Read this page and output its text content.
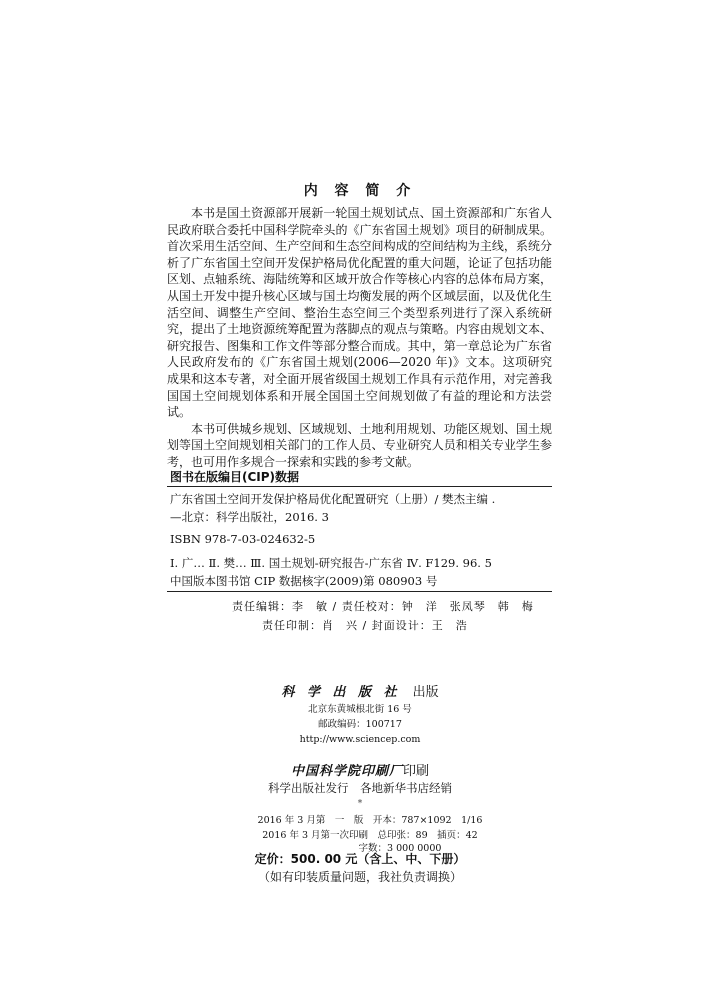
内 容 简 介

本书是国土资源部开展新一轮国土规划试点、国土资源部和广东省人民政府联合委托中国科学院牵头的《广东省国土规划》项目的研制成果。首次采用生活空间、生产空间和生态空间构成的空间结构为主线，系统分析了广东省国土空间开发保护格局优化配置的重大问题，论证了包括功能区划、点轴系统、海陆统筹和区域开放合作等核心内容的总体布局方案，从国土开发中提升核心区域与国土均衡发展的两个区域层面，以及优化生活空间、调整生产空间、整治生态空间三个类型系列进行了深入系统研究，提出了土地资源统筹配置为落脚点的观点与策略。内容由规划文本、研究报告、图集和工作文件等部分整合而成。其中，第一章总论为广东省人民政府发布的《广东省国土规划(2006—2020 年)》文本。这项研究成果和这本专著，对全面开展省级国土规划工作具有示范作用，对完善我国国土空间规划体系和开展全国国土空间规划做了有益的理论和方法尝试。

本书可供城乡规划、区域规划、土地利用规划、功能区规划、国土规划等国土空间规划相关部门的工作人员、专业研究人员和相关专业学生参考，也可用作多规合一探索和实践的参考文献。

图书在版编目(CIP)数据
广东省国土空间开发保护格局优化配置研究（上册）/ 樊杰主编 .
—北京：科学出版社，2016. 3
ISBN 978-7-03-024632-5
Ⅰ. 广… Ⅱ. 樊… Ⅲ. 国土规划-研究报告-广东省 Ⅳ. F129. 96. 5
中国版本图书馆 CIP 数据核字(2009)第 080903 号
责任编辑：李　敏 / 责任校对：钟　洋　张凤琴　韩　梅
责任印制：肖　兴 / 封面设计：王　浩
科 学 出 版 社 出版
北京东黄城根北街 16 号
邮政编码：100717
http://www.sciencep.com
中国科学院印刷厂印刷
科学出版社发行　各地新华书店经销
*
2016 年 3 月第　一　版　开本：787×1092　1/16
2016 年 3 月第一次印刷　总印张：89　插页：42
字数：3 000 0000
定价：500. 00 元（含上、中、下册）
（如有印装质量问题，我社负责调换）
